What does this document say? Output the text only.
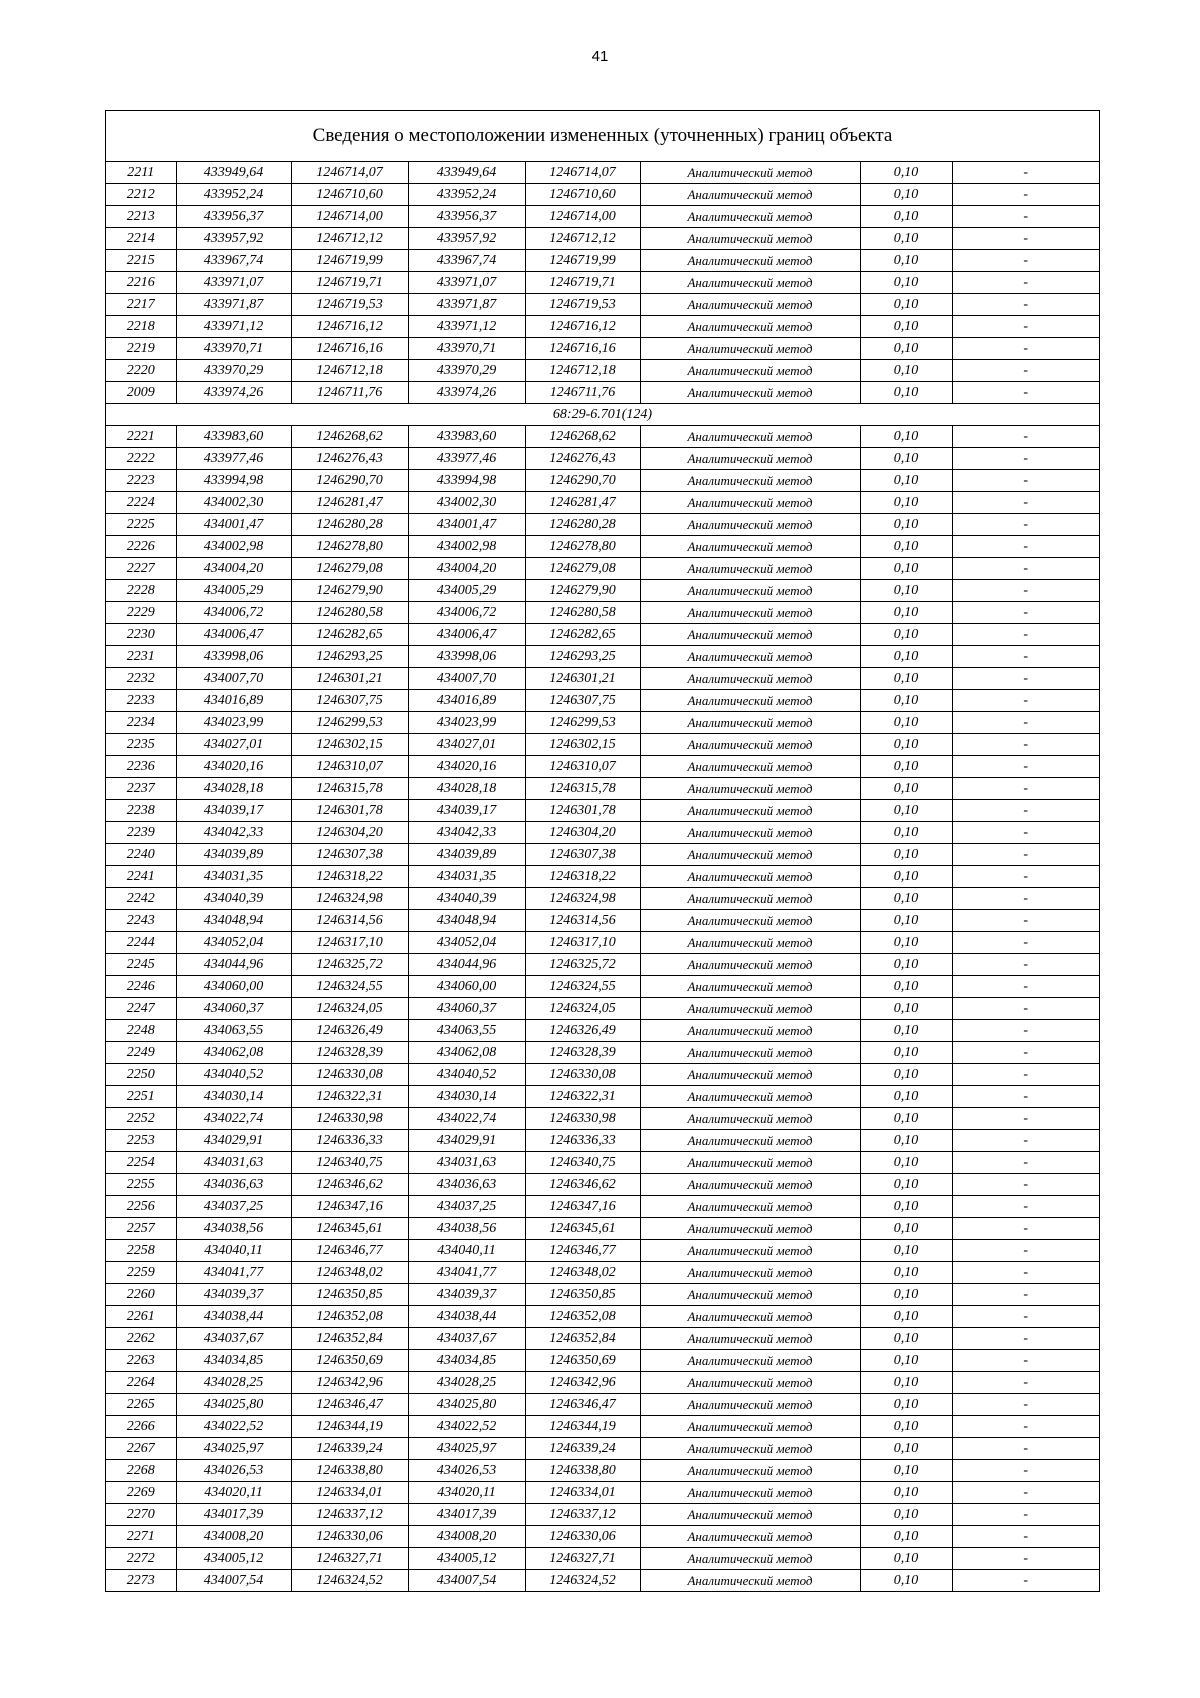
41
Сведения о местоположении измененных (уточненных) границ объекта
2211	433949,64	1246714,07	433949,64	1246714,07	Аналитический метод	0,10	-
2212	433952,24	1246710,60	433952,24	1246710,60	Аналитический метод	0,10	-
2213	433956,37	1246714,00	433956,37	1246714,00	Аналитический метод	0,10	-
2214	433957,92	1246712,12	433957,92	1246712,12	Аналитический метод	0,10	-
2215	433967,74	1246719,99	433967,74	1246719,99	Аналитический метод	0,10	-
2216	433971,07	1246719,71	433971,07	1246719,71	Аналитический метод	0,10	-
2217	433971,87	1246719,53	433971,87	1246719,53	Аналитический метод	0,10	-
2218	433971,12	1246716,12	433971,12	1246716,12	Аналитический метод	0,10	-
2219	433970,71	1246716,16	433970,71	1246716,16	Аналитический метод	0,10	-
2220	433970,29	1246712,18	433970,29	1246712,18	Аналитический метод	0,10	-
2009	433974,26	1246711,76	433974,26	1246711,76	Аналитический метод	0,10	-
68:29-6.701(124)							
2221	433983,60	1246268,62	433983,60	1246268,62	Аналитический метод	0,10	-
2222	433977,46	1246276,43	433977,46	1246276,43	Аналитический метод	0,10	-
2223	433994,98	1246290,70	433994,98	1246290,70	Аналитический метод	0,10	-
2224	434002,30	1246281,47	434002,30	1246281,47	Аналитический метод	0,10	-
2225	434001,47	1246280,28	434001,47	1246280,28	Аналитический метод	0,10	-
2226	434002,98	1246278,80	434002,98	1246278,80	Аналитический метод	0,10	-
2227	434004,20	1246279,08	434004,20	1246279,08	Аналитический метод	0,10	-
2228	434005,29	1246279,90	434005,29	1246279,90	Аналитический метод	0,10	-
2229	434006,72	1246280,58	434006,72	1246280,58	Аналитический метод	0,10	-
2230	434006,47	1246282,65	434006,47	1246282,65	Аналитический метод	0,10	-
2231	433998,06	1246293,25	433998,06	1246293,25	Аналитический метод	0,10	-
2232	434007,70	1246301,21	434007,70	1246301,21	Аналитический метод	0,10	-
2233	434016,89	1246307,75	434016,89	1246307,75	Аналитический метод	0,10	-
2234	434023,99	1246299,53	434023,99	1246299,53	Аналитический метод	0,10	-
2235	434027,01	1246302,15	434027,01	1246302,15	Аналитический метод	0,10	-
2236	434020,16	1246310,07	434020,16	1246310,07	Аналитический метод	0,10	-
2237	434028,18	1246315,78	434028,18	1246315,78	Аналитический метод	0,10	-
2238	434039,17	1246301,78	434039,17	1246301,78	Аналитический метод	0,10	-
2239	434042,33	1246304,20	434042,33	1246304,20	Аналитический метод	0,10	-
2240	434039,89	1246307,38	434039,89	1246307,38	Аналитический метод	0,10	-
2241	434031,35	1246318,22	434031,35	1246318,22	Аналитический метод	0,10	-
2242	434040,39	1246324,98	434040,39	1246324,98	Аналитический метод	0,10	-
2243	434048,94	1246314,56	434048,94	1246314,56	Аналитический метод	0,10	-
2244	434052,04	1246317,10	434052,04	1246317,10	Аналитический метод	0,10	-
2245	434044,96	1246325,72	434044,96	1246325,72	Аналитический метод	0,10	-
2246	434060,00	1246324,55	434060,00	1246324,55	Аналитический метод	0,10	-
2247	434060,37	1246324,05	434060,37	1246324,05	Аналитический метод	0,10	-
2248	434063,55	1246326,49	434063,55	1246326,49	Аналитический метод	0,10	-
2249	434062,08	1246328,39	434062,08	1246328,39	Аналитический метод	0,10	-
2250	434040,52	1246330,08	434040,52	1246330,08	Аналитический метод	0,10	-
2251	434030,14	1246322,31	434030,14	1246322,31	Аналитический метод	0,10	-
2252	434022,74	1246330,98	434022,74	1246330,98	Аналитический метод	0,10	-
2253	434029,91	1246336,33	434029,91	1246336,33	Аналитический метод	0,10	-
2254	434031,63	1246340,75	434031,63	1246340,75	Аналитический метод	0,10	-
2255	434036,63	1246346,62	434036,63	1246346,62	Аналитический метод	0,10	-
2256	434037,25	1246347,16	434037,25	1246347,16	Аналитический метод	0,10	-
2257	434038,56	1246345,61	434038,56	1246345,61	Аналитический метод	0,10	-
2258	434040,11	1246346,77	434040,11	1246346,77	Аналитический метод	0,10	-
2259	434041,77	1246348,02	434041,77	1246348,02	Аналитический метод	0,10	-
2260	434039,37	1246350,85	434039,37	1246350,85	Аналитический метод	0,10	-
2261	434038,44	1246352,08	434038,44	1246352,08	Аналитический метод	0,10	-
2262	434037,67	1246352,84	434037,67	1246352,84	Аналитический метод	0,10	-
2263	434034,85	1246350,69	434034,85	1246350,69	Аналитический метод	0,10	-
2264	434028,25	1246342,96	434028,25	1246342,96	Аналитический метод	0,10	-
2265	434025,80	1246346,47	434025,80	1246346,47	Аналитический метод	0,10	-
2266	434022,52	1246344,19	434022,52	1246344,19	Аналитический метод	0,10	-
2267	434025,97	1246339,24	434025,97	1246339,24	Аналитический метод	0,10	-
2268	434026,53	1246338,80	434026,53	1246338,80	Аналитический метод	0,10	-
2269	434020,11	1246334,01	434020,11	1246334,01	Аналитический метод	0,10	-
2270	434017,39	1246337,12	434017,39	1246337,12	Аналитический метод	0,10	-
2271	434008,20	1246330,06	434008,20	1246330,06	Аналитический метод	0,10	-
2272	434005,12	1246327,71	434005,12	1246327,71	Аналитический метод	0,10	-
2273	434007,54	1246324,52	434007,54	1246324,52	Аналитический метод	0,10	-
